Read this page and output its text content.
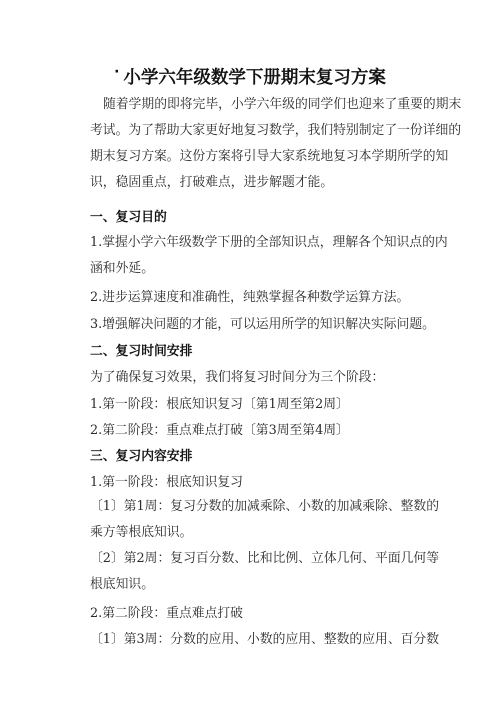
· 小学六年级数学下册期末复习方案
随着学期的即将完毕，小学六年级的同学们也迎来了重要的期末
考试。为了帮助大家更好地复习数学，我们特别制定了一份详细的
期末复习方案。这份方案将引导大家系统地复习本学期所学的知
识，稳固重点，打破难点，进步解题才能。
一、复习目的
1.掌握小学六年级数学下册的全部知识点，理解各个知识点的内
涵和外延。
2.进步运算速度和准确性，纯熟掌握各种数学运算方法。
3.增强解决问题的才能，可以运用所学的知识解决实际问题。
二、复习时间安排
为了确保复习效果，我们将复习时间分为三个阶段：
1.第一阶段：根底知识复习〔第1周至第2周〕
2.第二阶段：重点难点打破〔第3周至第4周〕
三、复习内容安排
1.第一阶段：根底知识复习
〔1〕第1周：复习分数的加减乘除、小数的加减乘除、整数的
乘方等根底知识。
〔2〕第2周：复习百分数、比和比例、立体几何、平面几何等
根底知识。
2.第二阶段：重点难点打破
〔1〕第3周：分数的应用、小数的应用、整数的应用、百分数
